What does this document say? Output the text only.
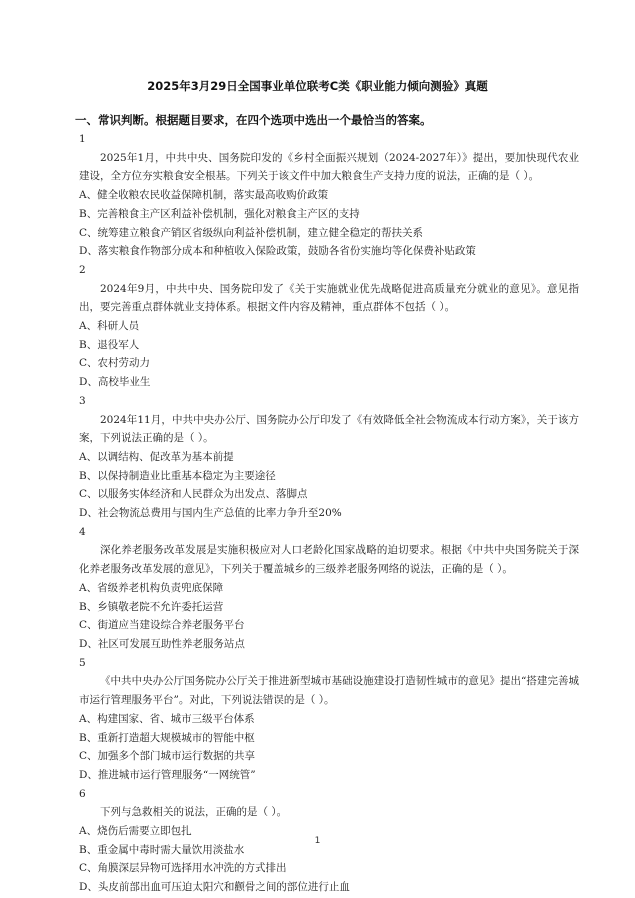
2025年3月29日全国事业单位联考C类《职业能力倾向测验》真题
一、常识判断。根据题目要求，在四个选项中选出一个最恰当的答案。
1
2025年1月，中共中央、国务院印发的《乡村全面振兴规划（2024-2027年）》提出，要加快现代农业建设，全方位夯实粮食安全根基。下列关于该文件中加大粮食生产支持力度的说法，正确的是（ ）。
A、健全收粮农民收益保障机制，落实最高收购价政策
B、完善粮食主产区利益补偿机制，强化对粮食主产区的支持
C、统筹建立粮食产销区省级纵向利益补偿机制，建立健全稳定的帮扶关系
D、落实粮食作物部分成本和种植收入保险政策，鼓励各省份实施均等化保费补贴政策
2
2024年9月，中共中央、国务院印发了《关于实施就业优先战略促进高质量充分就业的意见》。意见指出，要完善重点群体就业支持体系。根据文件内容及精神，重点群体不包括（ ）。
A、科研人员
B、退役军人
C、农村劳动力
D、高校毕业生
3
2024年11月，中共中央办公厅、国务院办公厅印发了《有效降低全社会物流成本行动方案》，关于该方案，下列说法正确的是（ ）。
A、以调结构、促改革为基本前提
B、以保持制造业比重基本稳定为主要途径
C、以服务实体经济和人民群众为出发点、落脚点
D、社会物流总费用与国内生产总值的比率力争升至20%
4
深化养老服务改革发展是实施积极应对人口老龄化国家战略的迫切要求。根据《中共中央国务院关于深化养老服务改革发展的意见》，下列关于覆盖城乡的三级养老服务网络的说法，正确的是（ ）。
A、省级养老机构负责兜底保障
B、乡镇敬老院不允许委托运营
C、街道应当建设综合养老服务平台
D、社区可发展互助性养老服务站点
5
《中共中央办公厅国务院办公厅关于推进新型城市基础设施建设打造韧性城市的意见》提出“搭建完善城市运行管理服务平台”。对此，下列说法错误的是（ ）。
A、构建国家、省、城市三级平台体系
B、重新打造超大规模城市的智能中枢
C、加强多个部门城市运行数据的共享
D、推进城市运行管理服务“一网统管”
6
下列与急救相关的说法，正确的是（ ）。
A、烧伤后需要立即包扎
B、重金属中毒时需大量饮用淡盐水
C、角膜深层异物可选择用水冲洗的方式排出
D、头皮前部出血可压迫太阳穴和颧骨之间的部位进行止血
1
